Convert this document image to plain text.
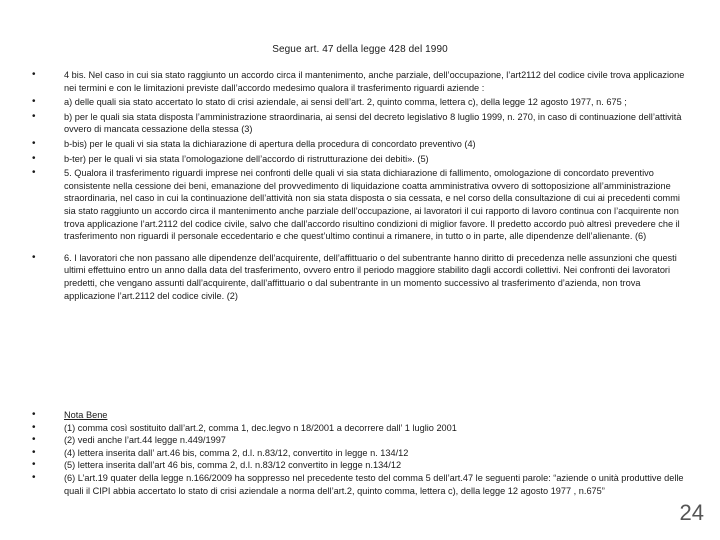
Segue art. 47 della legge 428 del 1990
•	4 bis. Nel caso in cui sia stato raggiunto un accordo circa il mantenimento, anche parziale, dell’occupazione, l’art2112 del codice civile trova applicazione nei termini e con le limitazioni previste dall’accordo medesimo qualora il trasferimento riguardi aziende :
•	a) delle quali sia stato accertato lo stato di crisi aziendale, ai sensi dell’art. 2, quinto comma, lettera c), della legge 12 agosto 1977, n. 675 ;
•	b) per le quali sia stata disposta l’amministrazione straordinaria, ai sensi del decreto legislativo 8 luglio 1999, n. 270, in caso di continuazione dell’attività ovvero di mancata cessazione della stessa (3)
•	b-bis) per le quali vi sia stata la dichiarazione di apertura della procedura di concordato preventivo (4)
•	b-ter) per le quali vi sia stata l’omologazione dell’accordo di ristrutturazione dei debiti». (5)
•	5. Qualora il trasferimento riguardi imprese nei confronti delle quali vi sia stata dichiarazione di fallimento, omologazione di concordato preventivo consistente nella cessione dei beni, emanazione del provvedimento di liquidazione coatta amministrativa ovvero di sottoposizione all’amministrazione straordinaria, nel caso in cui la continuazione dell’attività non sia stata disposta o sia cessata, e nel corso della consultazione di cui ai precedenti commi sia stato raggiunto un accordo circa il mantenimento anche parziale dell’occupazione, ai lavoratori il cui rapporto di lavoro continua con l’acquirente non trova applicazione l’art.2112 del codice civile, salvo che dall’accordo risultino condizioni di miglior favore. Il predetto accordo può altresì prevedere che il trasferimento non riguardi il personale eccedentario e che quest’ultimo continui a rimanere, in tutto o in parte, alle dipendenze dell’alienante. (6)
•	6. I lavoratori che non passano alle dipendenze dell’acquirente, dell’affittuario o del subentrante hanno diritto di precedenza nelle assunzioni che questi ultimi effettuino entro un anno dalla data del trasferimento, ovvero entro il periodo maggiore stabilito dagli accordi collettivi. Nei confronti dei lavoratori predetti, che vengano assunti dall’acquirente, dall’affittuario o dal subentrante in un momento successivo al trasferimento d’azienda, non trova applicazione l’art.2112 del codice civile. (2)
•	Nota Bene
•	(1) comma così sostituito dall’art.2, comma 1, dec.legvo n 18/2001 a decorrere dall’ 1 luglio 2001
•	(2) vedi anche l’art.44 legge n.449/1997
•	(4) lettera inserita dall’ art.46 bis, comma 2, d.l. n.83/12, convertito in legge n. 134/12
•	(5) lettera inserita dall’art 46 bis, comma 2, d.l. n.83/12 convertito in legge n.134/12
•	(6) L’art.19 quater della legge n.166/2009 ha soppresso nel precedente testo del comma 5 dell’art.47 le seguenti parole: “aziende o unità produttive delle quali il CIPI abbia accertato lo stato di crisi aziendale a norma dell’art.2, quinto comma, lettera c), della legge 12 agosto 1977 , n.675”
24
